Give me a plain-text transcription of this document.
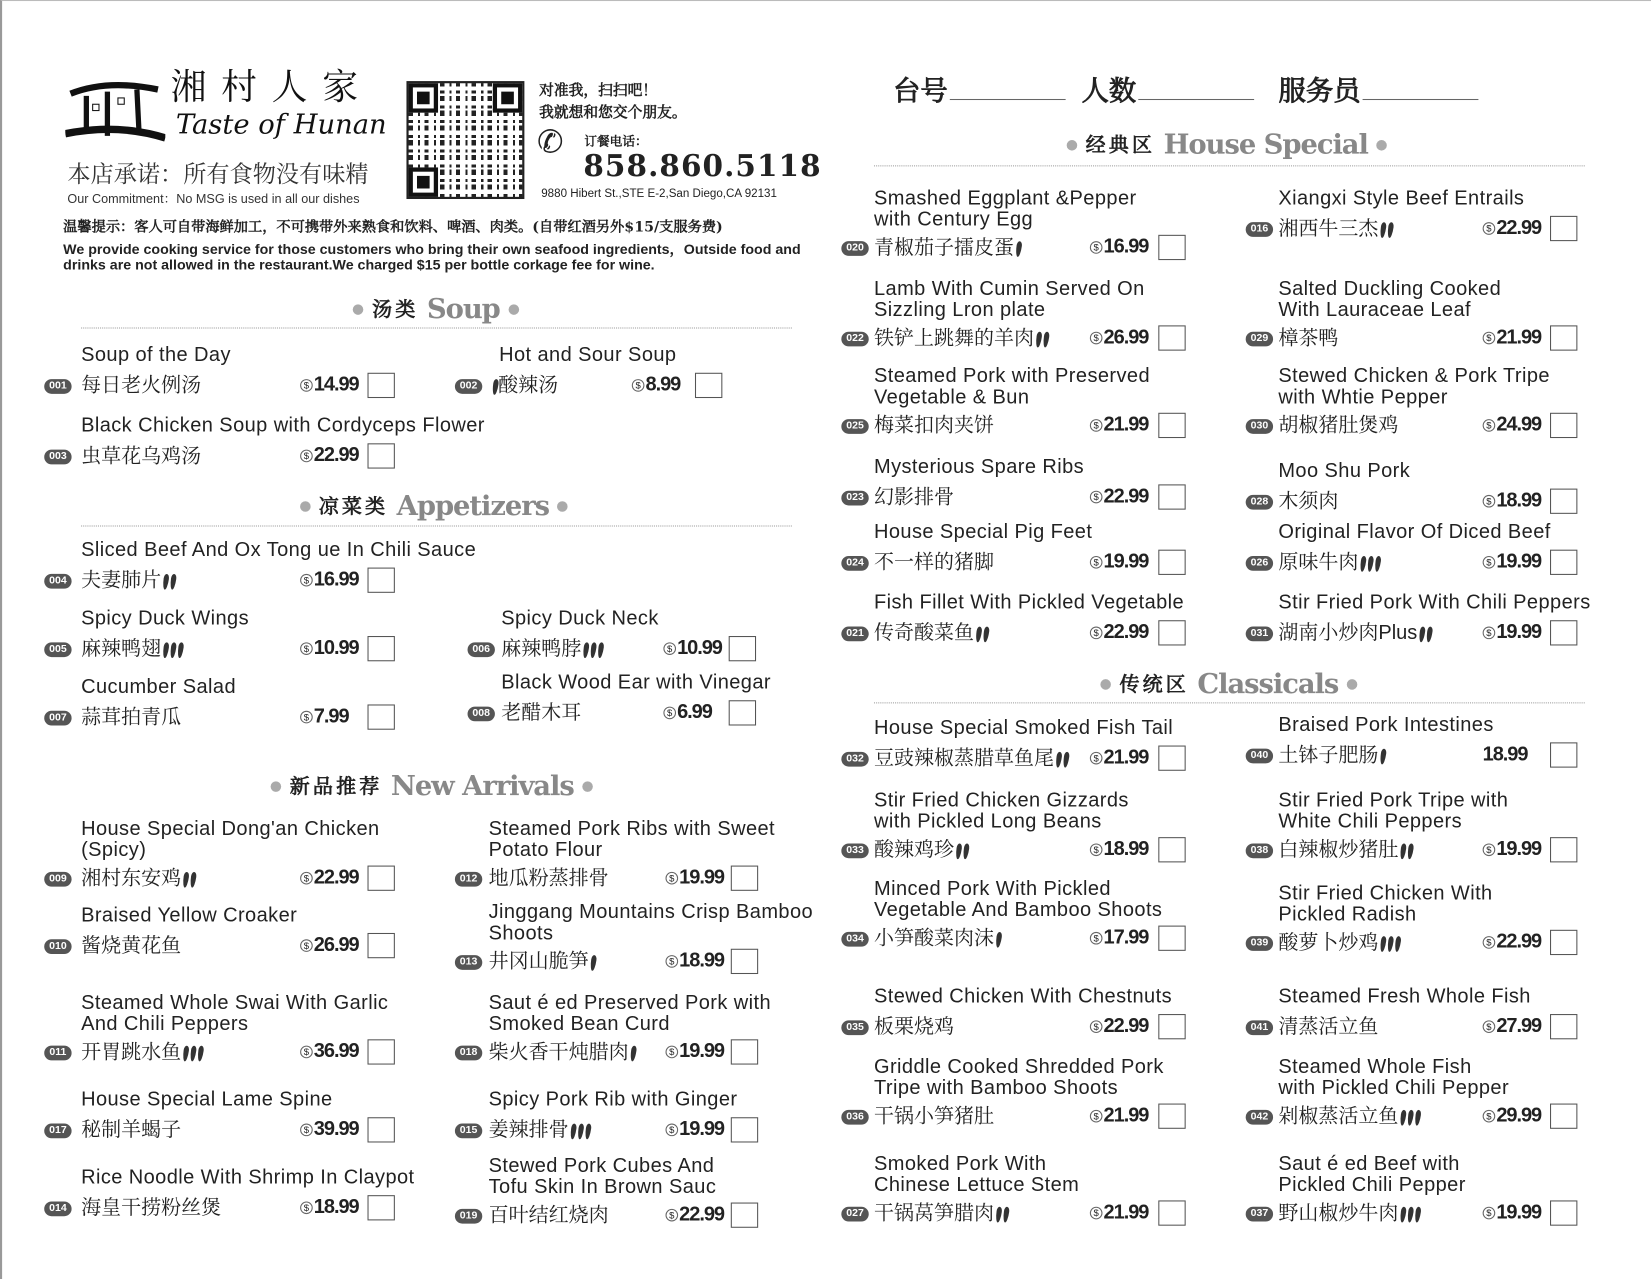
湘村人家
Taste of Hunan
本店承诺：所有食物没有味精
Our Commitment：No MSG is used in all our dishes
对准我，扫扫吧！
我就想和您交个朋友。
✆ 订餐电话：
858.860.5118
9880 Hibert St.,STE E-2,San Diego,CA 92131
温馨提示：客人可自带海鲜加工，不可携带外来熟食和饮料、啤酒、肉类。(自带红酒另外$15/支服务费)
We provide cooking service for those customers who bring their own seafood ingredients，Outside food and drinks are not allowed in the restaurant.We charged $15 per bottle corkage fee for wine.
台号	人数	服务员
汤类 Soup
Soup of the Day
001 每日老火例汤	$ 14.99
Hot and Sour Soup
002 酸辣汤	$ 8.99
Black Chicken Soup with Cordyceps Flower
003 虫草花乌鸡汤	$ 22.99
凉菜类 Appetizers
Sliced Beef And Ox Tong ue In Chili Sauce
004 夫妻肺片	$ 16.99
Spicy Duck Wings
005 麻辣鸭翅	$ 10.99
Spicy Duck Neck
006 麻辣鸭脖	$ 10.99
Cucumber Salad
007 蒜茸拍青瓜	$ 7.99
Black Wood Ear with Vinegar
008 老醋木耳	$ 6.99
新品推荐 New Arrivals
House Special Dong'an Chicken
(Spicy)
009 湘村东安鸡	$ 22.99
Steamed Pork Ribs with Sweet
Potato Flour
012 地瓜粉蒸排骨	$ 19.99
Braised Yellow Croaker
010 酱烧黄花鱼	$ 26.99
Jinggang Mountains Crisp Bamboo
Shoots
013 井冈山脆笋	$ 18.99
Steamed Whole Swai With Garlic
And Chili Peppers
011 开胃跳水鱼	$ 36.99
Saut é ed Preserved Pork with
Smoked Bean Curd
018 柴火香干炖腊肉	$ 19.99
House Special Lame Spine
017 秘制羊蝎子	$ 39.99
Spicy Pork Rib with Ginger
015 姜辣排骨	$ 19.99
Rice Noodle With Shrimp In Claypot
014 海皇干捞粉丝煲	$ 18.99
Stewed Pork Cubes And
Tofu Skin In Brown Sauc
019 百叶结红烧肉	$ 22.99
经典区 House Special
Smashed Eggplant &Pepper
with Century Egg
020 青椒茄子擂皮蛋	$ 16.99
Xiangxi Style Beef Entrails
016 湘西牛三杰	$ 22.99
Lamb With Cumin Served On
Sizzling Lron plate
022 铁铲上跳舞的羊肉	$ 26.99
Salted Duckling Cooked
With Lauraceae Leaf
029 樟茶鸭	$ 21.99
Steamed Pork with Preserved
Vegetable & Bun
025 梅菜扣肉夹饼	$ 21.99
Stewed Chicken & Pork Tripe
with Whtie Pepper
030 胡椒猪肚煲鸡	$ 24.99
Mysterious Spare Ribs
023 幻影排骨	$ 22.99
Moo Shu Pork
028 木须肉	$ 18.99
House Special Pig Feet
024 不一样的猪脚	$ 19.99
Original Flavor Of Diced Beef
026 原味牛肉	$ 19.99
Fish Fillet With Pickled Vegetable
021 传奇酸菜鱼	$ 22.99
Stir Fried Pork With Chili Peppers
031 湖南小炒肉Plus	$ 19.99
传统区 Classicals
House Special Smoked Fish Tail
032 豆豉辣椒蒸腊草鱼尾	$ 21.99
Braised Pork Intestines
040 土钵子肥肠	18.99
Stir Fried Chicken Gizzards
with Pickled Long Beans
033 酸辣鸡珍	$ 18.99
Stir Fried Pork Tripe with
White Chili Peppers
038 白辣椒炒猪肚	$ 19.99
Minced Pork With Pickled
Vegetable And Bamboo Shoots
034 小笋酸菜肉沫	$ 17.99
Stir Fried Chicken With
Pickled Radish
039 酸萝卜炒鸡	$ 22.99
Stewed Chicken With Chestnuts
035 板栗烧鸡	$ 22.99
Steamed Fresh Whole Fish
041 清蒸活立鱼	$ 27.99
Griddle Cooked Shredded Pork
Tripe with Bamboo Shoots
036 干锅小笋猪肚	$ 21.99
Steamed Whole Fish
with Pickled Chili Pepper
042 剁椒蒸活立鱼	$ 29.99
Smoked Pork With
Chinese Lettuce Stem
027 干锅莴笋腊肉	$ 21.99
Saut é ed Beef with
Pickled Chili Pepper
037 野山椒炒牛肉	$ 19.99
